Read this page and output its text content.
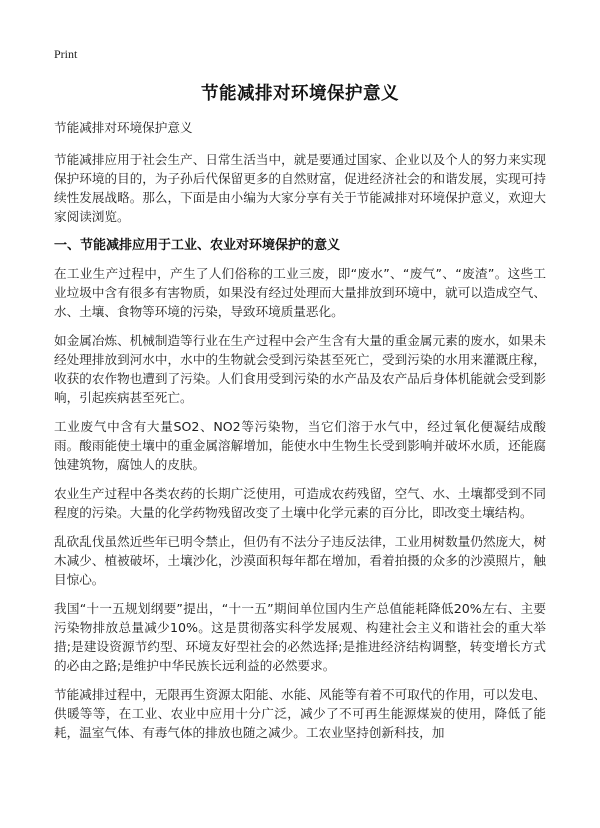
Print
节能减排对环境保护意义

节能减排对环境保护意义

节能减排应用于社会生产、日常生活当中，就是要通过国家、企业以及个人的努力来实现保护环境的目的，为子孙后代保留更多的自然财富，促进经济社会的和谐发展，实现可持续性发展战略。那么，下面是由小编为大家分享有关于节能减排对环境保护意义，欢迎大家阅读浏览。

一、节能减排应用于工业、农业对环境保护的意义

在工业生产过程中，产生了人们俗称的工业三废，即“废水”、“废气”、“废渣”。这些工业垃圾中含有很多有害物质，如果没有经过处理而大量排放到环境中，就可以造成空气、水、土壤、食物等环境的污染，导致环境质量恶化。

如金属冶炼、机械制造等行业在生产过程中会产生含有大量的重金属元素的废水，如果未经处理排放到河水中，水中的生物就会受到污染甚至死亡，受到污染的水用来灌溉庄稼，收获的农作物也遭到了污染。人们食用受到污染的水产品及农产品后身体机能就会受到影响，引起疾病甚至死亡。

工业废气中含有大量SO2、NO2等污染物，当它们溶于水气中，经过氧化便凝结成酸雨。酸雨能使土壤中的重金属溶解增加，能使水中生物生长受到影响并破坏水质，还能腐蚀建筑物，腐蚀人的皮肤。

农业生产过程中各类农药的长期广泛使用，可造成农药残留，空气、水、土壤都受到不同程度的污染。大量的化学药物残留改变了土壤中化学元素的百分比，即改变土壤结构。

乱砍乱伐虽然近些年已明令禁止，但仍有不法分子违反法律，工业用树数量仍然庞大，树木减少、植被破坏，土壤沙化，沙漠面积每年都在增加，看着拍摄的众多的沙漠照片，触目惊心。

我国“十一五规划纲要”提出，“十一五”期间单位国内生产总值能耗降低20%左右、主要污染物排放总量减少10%。这是贯彻落实科学发展观、构建社会主义和谐社会的重大举措;是建设资源节约型、环境友好型社会的必然选择;是推进经济结构调整，转变增长方式的必由之路;是维护中华民族长远利益的必然要求。

节能减排过程中，无限再生资源太阳能、水能、风能等有着不可取代的作用，可以发电、供暖等等，在工业、农业中应用十分广泛，减少了不可再生能源煤炭的使用，降低了能耗，温室气体、有毒气体的排放也随之减少。工农业坚持创新科技，加
